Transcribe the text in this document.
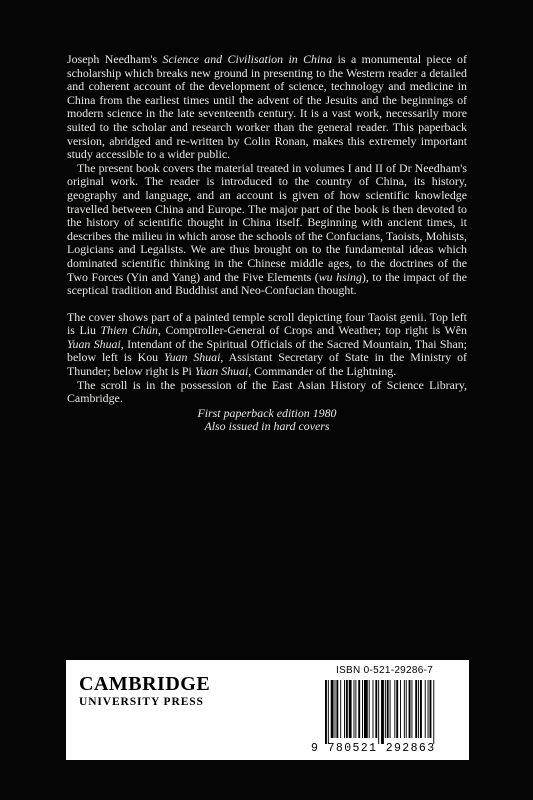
Joseph Needham's Science and Civilisation in China is a monumental piece of scholarship which breaks new ground in presenting to the Western reader a detailed and coherent account of the development of science, technology and medicine in China from the earliest times until the advent of the Jesuits and the beginnings of modern science in the late seventeenth century. It is a vast work, necessarily more suited to the scholar and research worker than the general reader. This paperback version, abridged and re-written by Colin Ronan, makes this extremely important study accessible to a wider public.

The present book covers the material treated in volumes I and II of Dr Needham's original work. The reader is introduced to the country of China, its history, geography and language, and an account is given of how scientific knowledge travelled between China and Europe. The major part of the book is then devoted to the history of scientific thought in China itself. Beginning with ancient times, it describes the milieu in which arose the schools of the Confucians, Taoists, Mohists, Logicians and Legalists. We are thus brought on to the fundamental ideas which dominated scientific thinking in the Chinese middle ages, to the doctrines of the Two Forces (Yin and Yang) and the Five Elements (wu hsing), to the impact of the sceptical tradition and Buddhist and Neo-Confucian thought.

The cover shows part of a painted temple scroll depicting four Taoist genii. Top left is Liu Thien Chün, Comptroller-General of Crops and Weather; top right is Wên Yuan Shuai, Intendant of the Spiritual Officials of the Sacred Mountain, Thai Shan; below left is Kou Yuan Shuai, Assistant Secretary of State in the Ministry of Thunder; below right is Pi Yuan Shuai, Commander of the Lightning.

The scroll is in the possession of the East Asian History of Science Library, Cambridge.

First paperback edition 1980
Also issued in hard covers
CAMBRIDGE
UNIVERSITY PRESS
ISBN 0-521-29286-7
9 780521 292863
